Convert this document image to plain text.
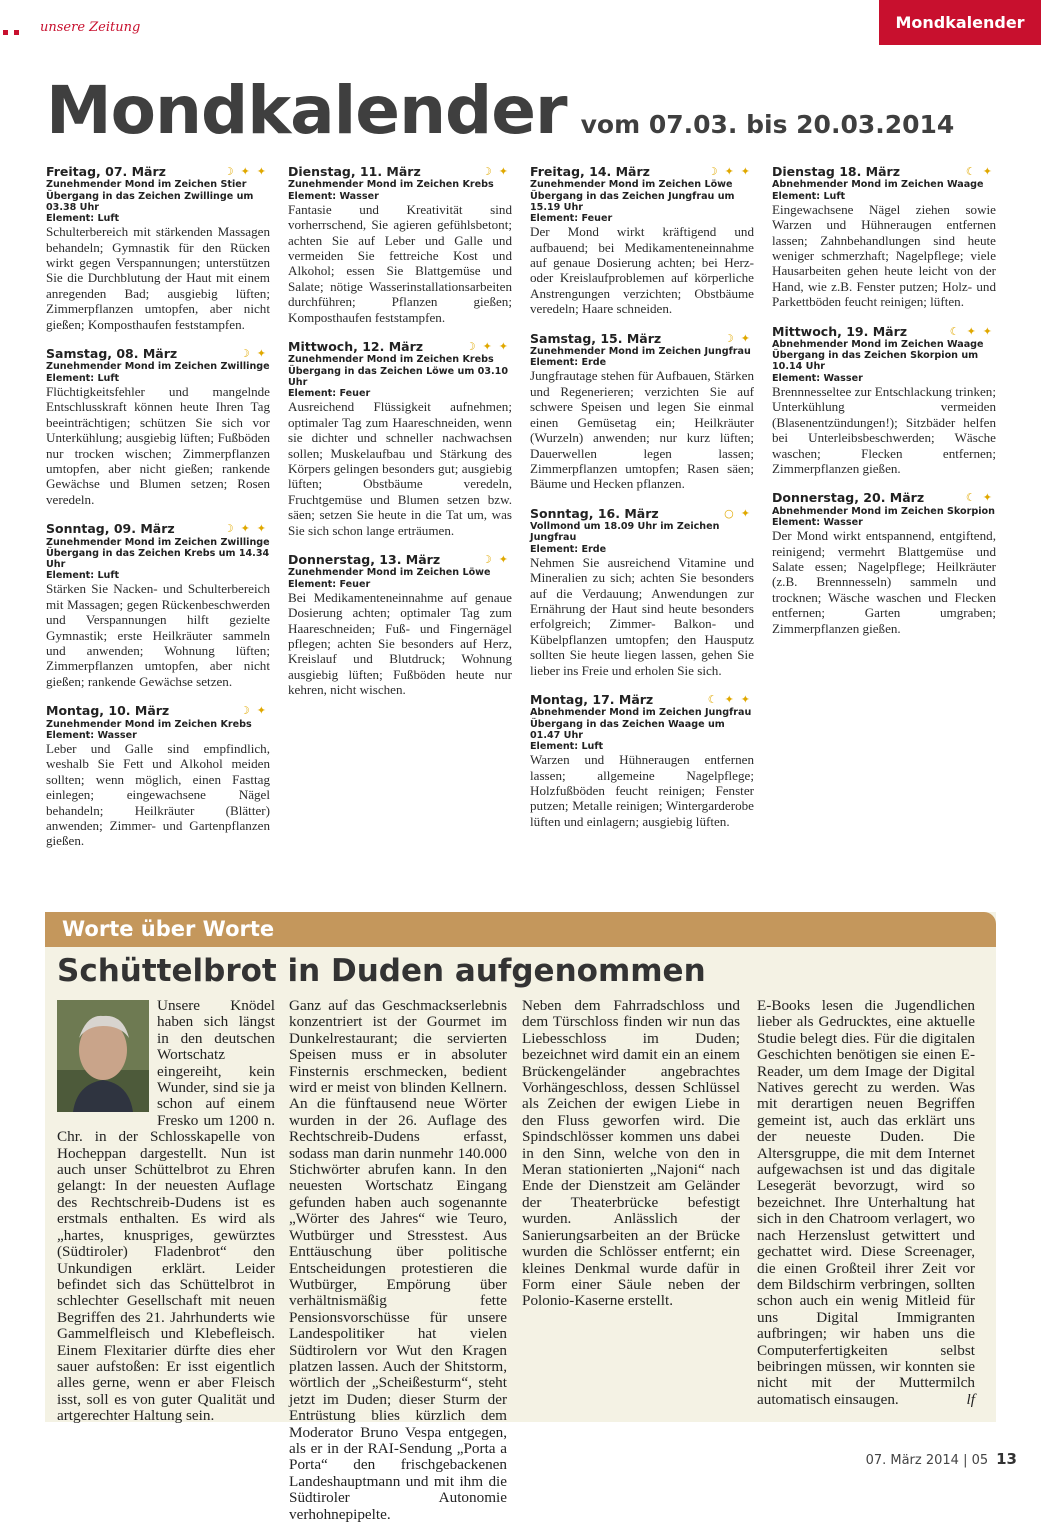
unsere Zeitung	Mondkalender
Mondkalender vom 07.03. bis 20.03.2014
Freitag, 07. März	☽ ✦ ✦
Zunehmender Mond im Zeichen Stier Übergang in das Zeichen Zwillinge um 03.38 Uhr
Element: Luft
Schulterbereich mit stärkenden Massagen behandeln; Gymnastik für den Rücken wirkt gegen Verspannungen; unterstützen Sie die Durchblutung der Haut mit einem anregenden Bad; ausgiebig lüften; Zimmerpflanzen umtopfen, aber nicht gießen; Komposthaufen feststampfen.
Samstag, 08. März	☽ ✦
Zunehmender Mond im Zeichen Zwillinge
Element: Luft
Flüchtigkeitsfehler und mangelnde Entschlusskraft können heute Ihren Tag beeinträchtigen; schützen Sie sich vor Unterkühlung; ausgiebig lüften; Fußböden nur trocken wischen; Zimmerpflanzen umtopfen, aber nicht gießen; rankende Gewächse und Blumen setzen; Rosen veredeln.
Sonntag, 09. März	☽ ✦ ✦
Zunehmender Mond im Zeichen Zwillinge Übergang in das Zeichen Krebs um 14.34 Uhr
Element: Luft
Stärken Sie Nacken- und Schulterbereich mit Massagen; gegen Rückenbeschwerden und Verspannungen hilft gezielte Gymnastik; erste Heilkräuter sammeln und anwenden; Wohnung lüften; Zimmerpflanzen umtopfen, aber nicht gießen; rankende Gewächse setzen.
Montag, 10. März	☽ ✦
Zunehmender Mond im Zeichen Krebs
Element: Wasser
Leber und Galle sind empfindlich, weshalb Sie Fett und Alkohol meiden sollten; wenn möglich, einen Fasttag einlegen; eingewachsene Nägel behandeln; Heilkräuter (Blätter) anwenden; Zimmer- und Gartenpflanzen gießen.
Dienstag, 11. März	☽ ✦
Zunehmender Mond im Zeichen Krebs
Element: Wasser
Fantasie und Kreativität sind vorherrschend, Sie agieren gefühlsbetont; achten Sie auf Leber und Galle und vermeiden Sie fettreiche Kost und Alkohol; essen Sie Blattgemüse und Salate; nötige Wasserinstallationsarbeiten durchführen; Pflanzen gießen; Komposthaufen feststampfen.
Mittwoch, 12. März	☽ ✦ ✦
Zunehmender Mond im Zeichen Krebs Übergang in das Zeichen Löwe um 03.10 Uhr
Element: Feuer
Ausreichend Flüssigkeit aufnehmen; optimaler Tag zum Haareschneiden, wenn sie dichter und schneller nachwachsen sollen; Muskelaufbau und Stärkung des Körpers gelingen besonders gut; ausgiebig lüften; Obstbäume veredeln, Fruchtgemüse und Blumen setzen bzw. säen; setzen Sie heute in die Tat um, was Sie sich schon lange erträumen.
Donnerstag, 13. März	☽ ✦
Zunehmender Mond im Zeichen Löwe
Element: Feuer
Bei Medikamenteneinnahme auf genaue Dosierung achten; optimaler Tag zum Haareschneiden; Fuß- und Fingernägel pflegen; achten Sie besonders auf Herz, Kreislauf und Blutdruck; Wohnung ausgiebig lüften; Fußböden heute nur kehren, nicht wischen.
Freitag, 14. März	☽ ✦ ✦
Zunehmender Mond im Zeichen Löwe Übergang in das Zeichen Jungfrau um 15.19 Uhr
Element: Feuer
Der Mond wirkt kräftigend und aufbauend; bei Medikamenteneinnahme auf genaue Dosierung achten; bei Herz- oder Kreislaufproblemen auf körperliche Anstrengungen verzichten; Obstbäume veredeln; Haare schneiden.
Samstag, 15. März	☽ ✦
Zunehmender Mond im Zeichen Jungfrau
Element: Erde
Jungfrautage stehen für Aufbauen, Stärken und Regenerieren; verzichten Sie auf schwere Speisen und legen Sie einmal einen Gemüsetag ein; Heilkräuter (Wurzeln) anwenden; nur kurz lüften; Dauerwellen legen lassen; Zimmerpflanzen umtopfen; Rasen säen; Bäume und Hecken pflanzen.
Sonntag, 16. März	○ ✦
Vollmond um 18.09 Uhr im Zeichen Jungfrau
Element: Erde
Nehmen Sie ausreichend Vitamine und Mineralien zu sich; achten Sie besonders auf die Verdauung; Anwendungen zur Ernährung der Haut sind heute besonders erfolgreich; Zimmer- Balkon- und Kübelpflanzen umtopfen; den Hausputz sollten Sie heute liegen lassen, gehen Sie lieber ins Freie und erholen Sie sich.
Montag, 17. März	☾ ✦ ✦
Abnehmender Mond im Zeichen Jungfrau Übergang in das Zeichen Waage um 01.47 Uhr
Element: Luft
Warzen und Hühneraugen entfernen lassen; allgemeine Nagelpflege; Holzfußböden feucht reinigen; Fenster putzen; Metalle reinigen; Wintergarderobe lüften und einlagern; ausgiebig lüften.
Dienstag 18. März	☾ ✦
Abnehmender Mond im Zeichen Waage
Element: Luft
Eingewachsene Nägel ziehen sowie Warzen und Hühneraugen entfernen lassen; Zahnbehandlungen sind heute weniger schmerzhaft; Nagelpflege; viele Hausarbeiten gehen heute leicht von der Hand, wie z.B. Fenster putzen; Holz- und Parkettböden feucht reinigen; lüften.
Mittwoch, 19. März	☾ ✦ ✦
Abnehmender Mond im Zeichen Waage Übergang in das Zeichen Skorpion um 10.14 Uhr
Element: Wasser
Brennnesseltee zur Entschlackung trinken; Unterkühlung vermeiden (Blasenentzündungen!); Sitzbäder helfen bei Unterleibsbeschwerden; Wäsche waschen; Flecken entfernen; Zimmerpflanzen gießen.
Donnerstag, 20. März	☾ ✦
Abnehmender Mond im Zeichen Skorpion
Element: Wasser
Der Mond wirkt entspannend, entgiftend, reinigend; vermehrt Blattgemüse und Salate essen; Nagelpflege; Heilkräuter (z.B. Brennnesseln) sammeln und trocknen; Wäsche waschen und Flecken entfernen; Garten umgraben; Zimmerpflanzen gießen.
Worte über Worte
Schüttelbrot in Duden aufgenommen
Unsere Knödel haben sich längst in den deutschen Wortschatz eingereiht, kein Wunder, sind sie ja schon auf einem Fresko um 1200 n. Chr. in der Schlosskapelle von Hocheppan dargestellt. Nun ist auch unser Schüttelbrot zu Ehren gelangt: In der neuesten Auflage des Rechtschreib-Dudens ist es erstmals enthalten. Es wird als „hartes, knuspriges, gewürztes (Südtiroler) Fladenbrot“ den Unkundigen erklärt. Leider befindet sich das Schüttelbrot in schlechter Gesellschaft mit neuen Begriffen des 21. Jahrhunderts wie Gammelfleisch und Klebefleisch. Einem Flexitarier dürfte dies eher sauer aufstoßen: Er isst eigentlich alles gerne, wenn er aber Fleisch isst, soll es von guter Qualität und artgerechter Haltung sein.
Ganz auf das Geschmackserlebnis konzentriert ist der Gourmet im Dunkelrestaurant; die servierten Speisen muss er in absoluter Finsternis erschmecken, bedient wird er meist von blinden Kellnern. An die fünftausend neue Wörter wurden in der 26. Auflage des Rechtschreib-Dudens erfasst, sodass man darin nunmehr 140.000 Stichwörter abrufen kann. In den neuesten Wortschatz Eingang gefunden haben auch sogenannte „Wörter des Jahres“ wie Teuro, Wutbürger und Stresstest. Aus Enttäuschung über politische Entscheidungen protestieren die Wutbürger, Empörung über verhältnismäßig fette Pensionsvorschüsse für unsere Landespolitiker hat vielen Südtirolern vor Wut den Kragen platzen lassen. Auch der Shitstorm, wörtlich der „Scheißesturm“, steht jetzt im Duden; dieser Sturm der Entrüstung blies kürzlich dem Moderator Bruno Vespa entgegen, als er in der RAI-Sendung „Porta a Porta“ den frischgebackenen Landeshauptmann und mit ihm die Südtiroler Autonomie verhohnepipelte.
Neben dem Fahrradschloss und dem Türschloss finden wir nun das Liebesschloss im Duden; bezeichnet wird damit ein an einem Brückengeländer angebrachtes Vorhängeschloss, dessen Schlüssel als Zeichen der ewigen Liebe in den Fluss geworfen wird. Die Spindschlösser kommen uns dabei in den Sinn, welche von den in Meran stationierten „Najoni“ nach Ende der Dienstzeit am Geländer der Theaterbrücke befestigt wurden. Anlässlich der Sanierungsarbeiten an der Brücke wurden die Schlösser entfernt; ein kleines Denkmal wurde dafür in Form einer Säule neben der Polonio-Kaserne erstellt.
E-Books lesen die Jugendlichen lieber als Gedrucktes, eine aktuelle Studie belegt dies. Für die digitalen Geschichten benötigen sie einen E-Reader, um dem Image der Digital Natives gerecht zu werden. Was mit derartigen neuen Begriffen gemeint ist, auch das erklärt uns der neueste Duden. Die Altersgruppe, die mit dem Internet aufgewachsen ist und das digitale Lesegerät bevorzugt, wird so bezeichnet. Ihre Unterhaltung hat sich in den Chatroom verlagert, wo nach Herzenslust getwittert und gechattet wird. Diese Screenager, die einen Großteil ihrer Zeit vor dem Bildschirm verbringen, sollten schon auch ein wenig Mitleid für uns Digital Immigranten aufbringen; wir haben uns die Computerfertigkeiten selbst beibringen müssen, wir konnten sie nicht mit der Muttermilch automatisch einsaugen.	lf
07. März 2014 | 05 13
